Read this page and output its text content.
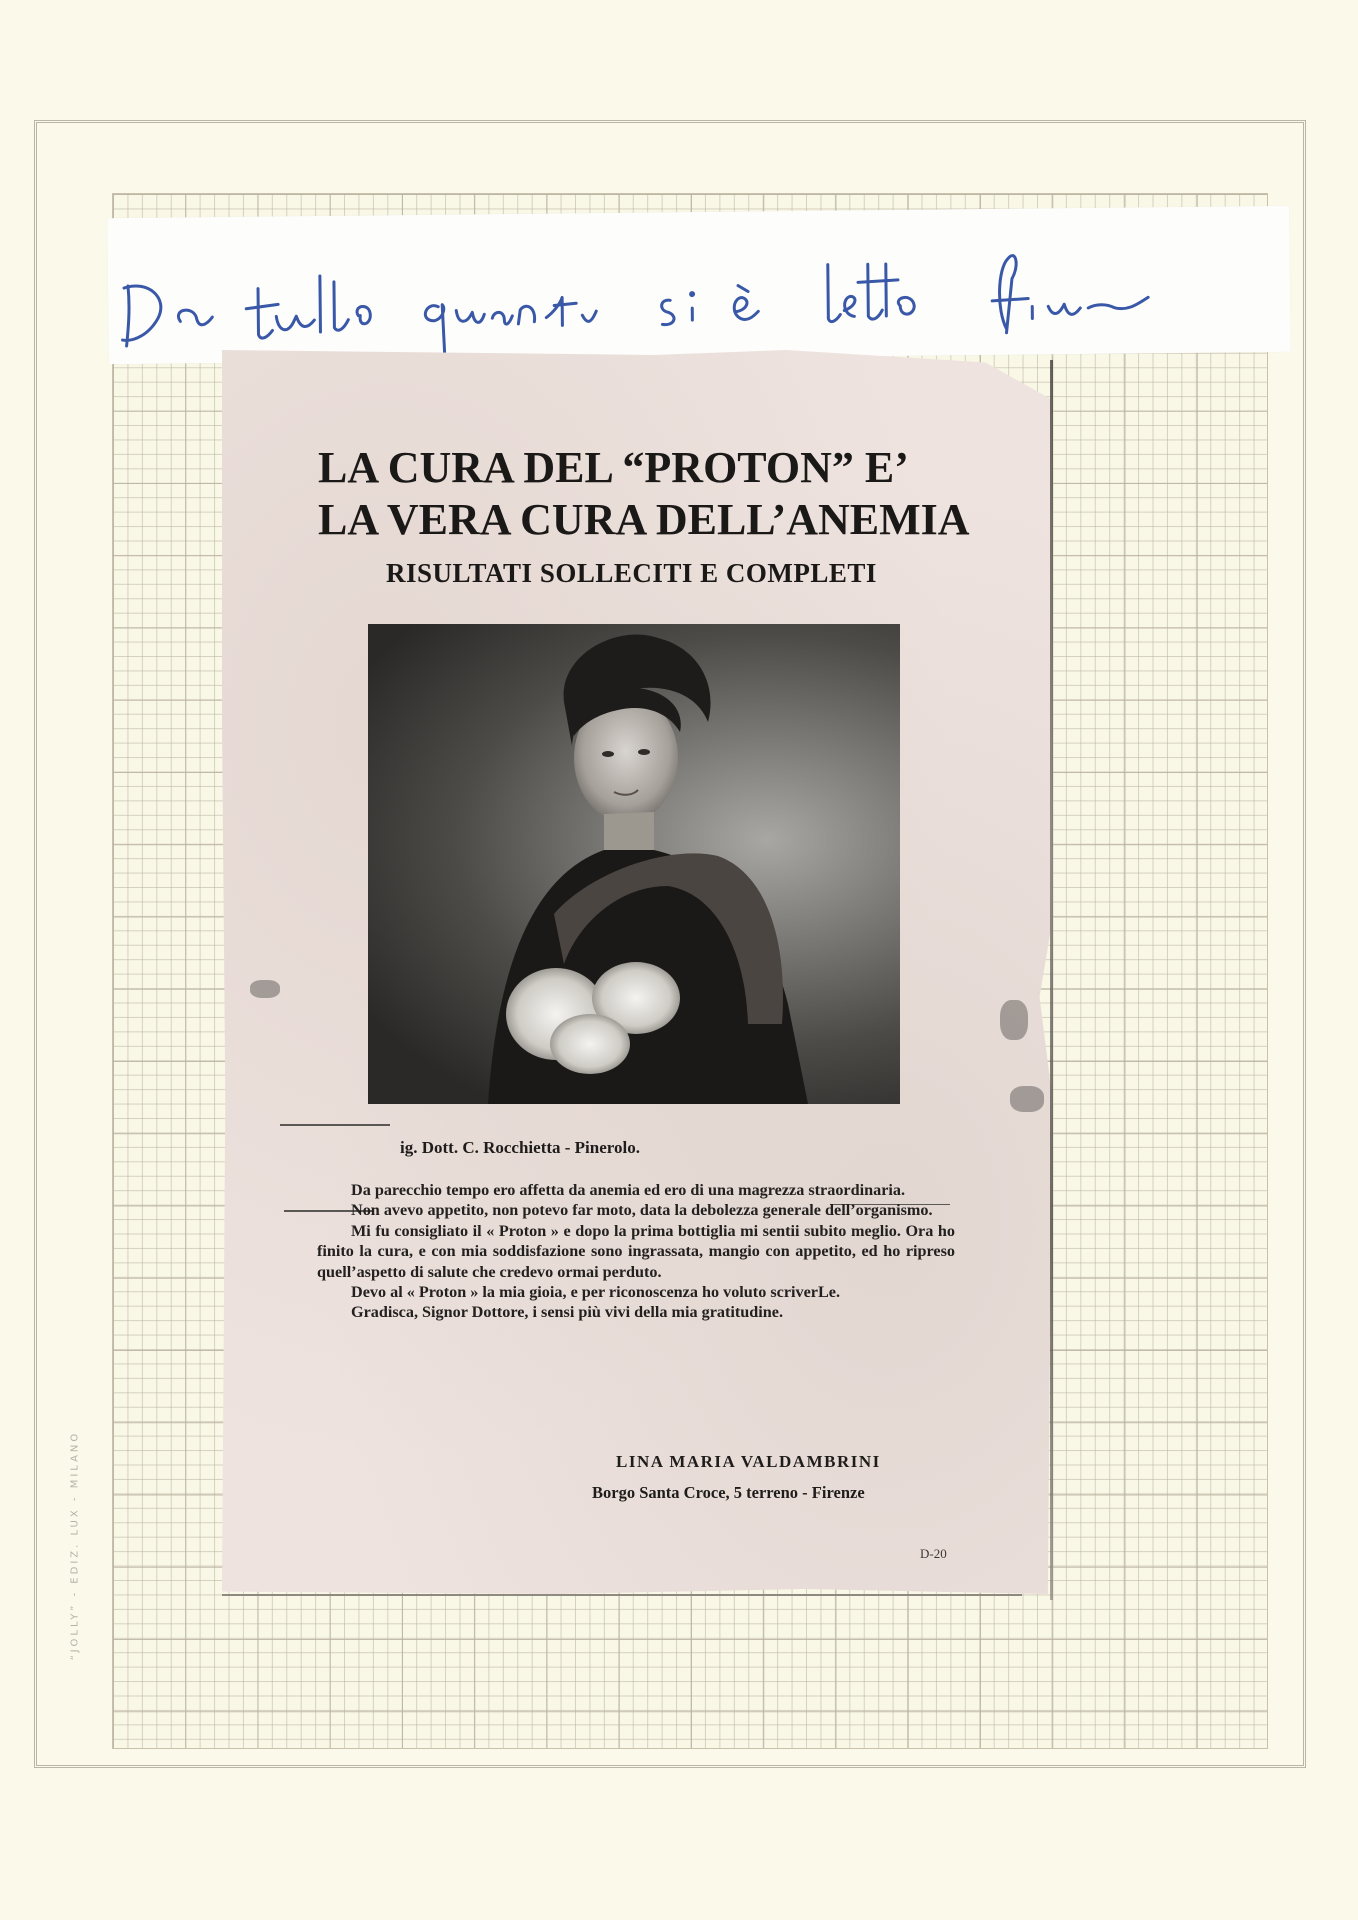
“JOLLY” - EDIZ. LUX - MILANO

LA CURA DEL “PROTON” E’
LA VERA CURA DELL’ANEMIA
RISULTATI SOLLECITI E COMPLETI

ig. Dott. C. Rocchietta - Pinerolo.

Da parecchio tempo ero affetta da anemia ed ero di una magrezza straordinaria.

Non avevo appetito, non potevo far moto, data la debolezza generale dell’organismo.

Mi fu consigliato il « Proton » e dopo la prima bottiglia mi sentii subito meglio. Ora ho finito la cura, e con mia soddisfazione sono ingrassata, mangio con appetito, ed ho ripreso quell’aspetto di salute che credevo ormai perduto.

Devo al « Proton » la mia gioia, e per riconoscenza ho voluto scriverLe.

Gradisca, Signor Dottore, i sensi più vivi della mia gratitudine.

LINA MARIA VALDAMBRINI

Borgo Santa Croce, 5 terreno - Firenze

D-20
